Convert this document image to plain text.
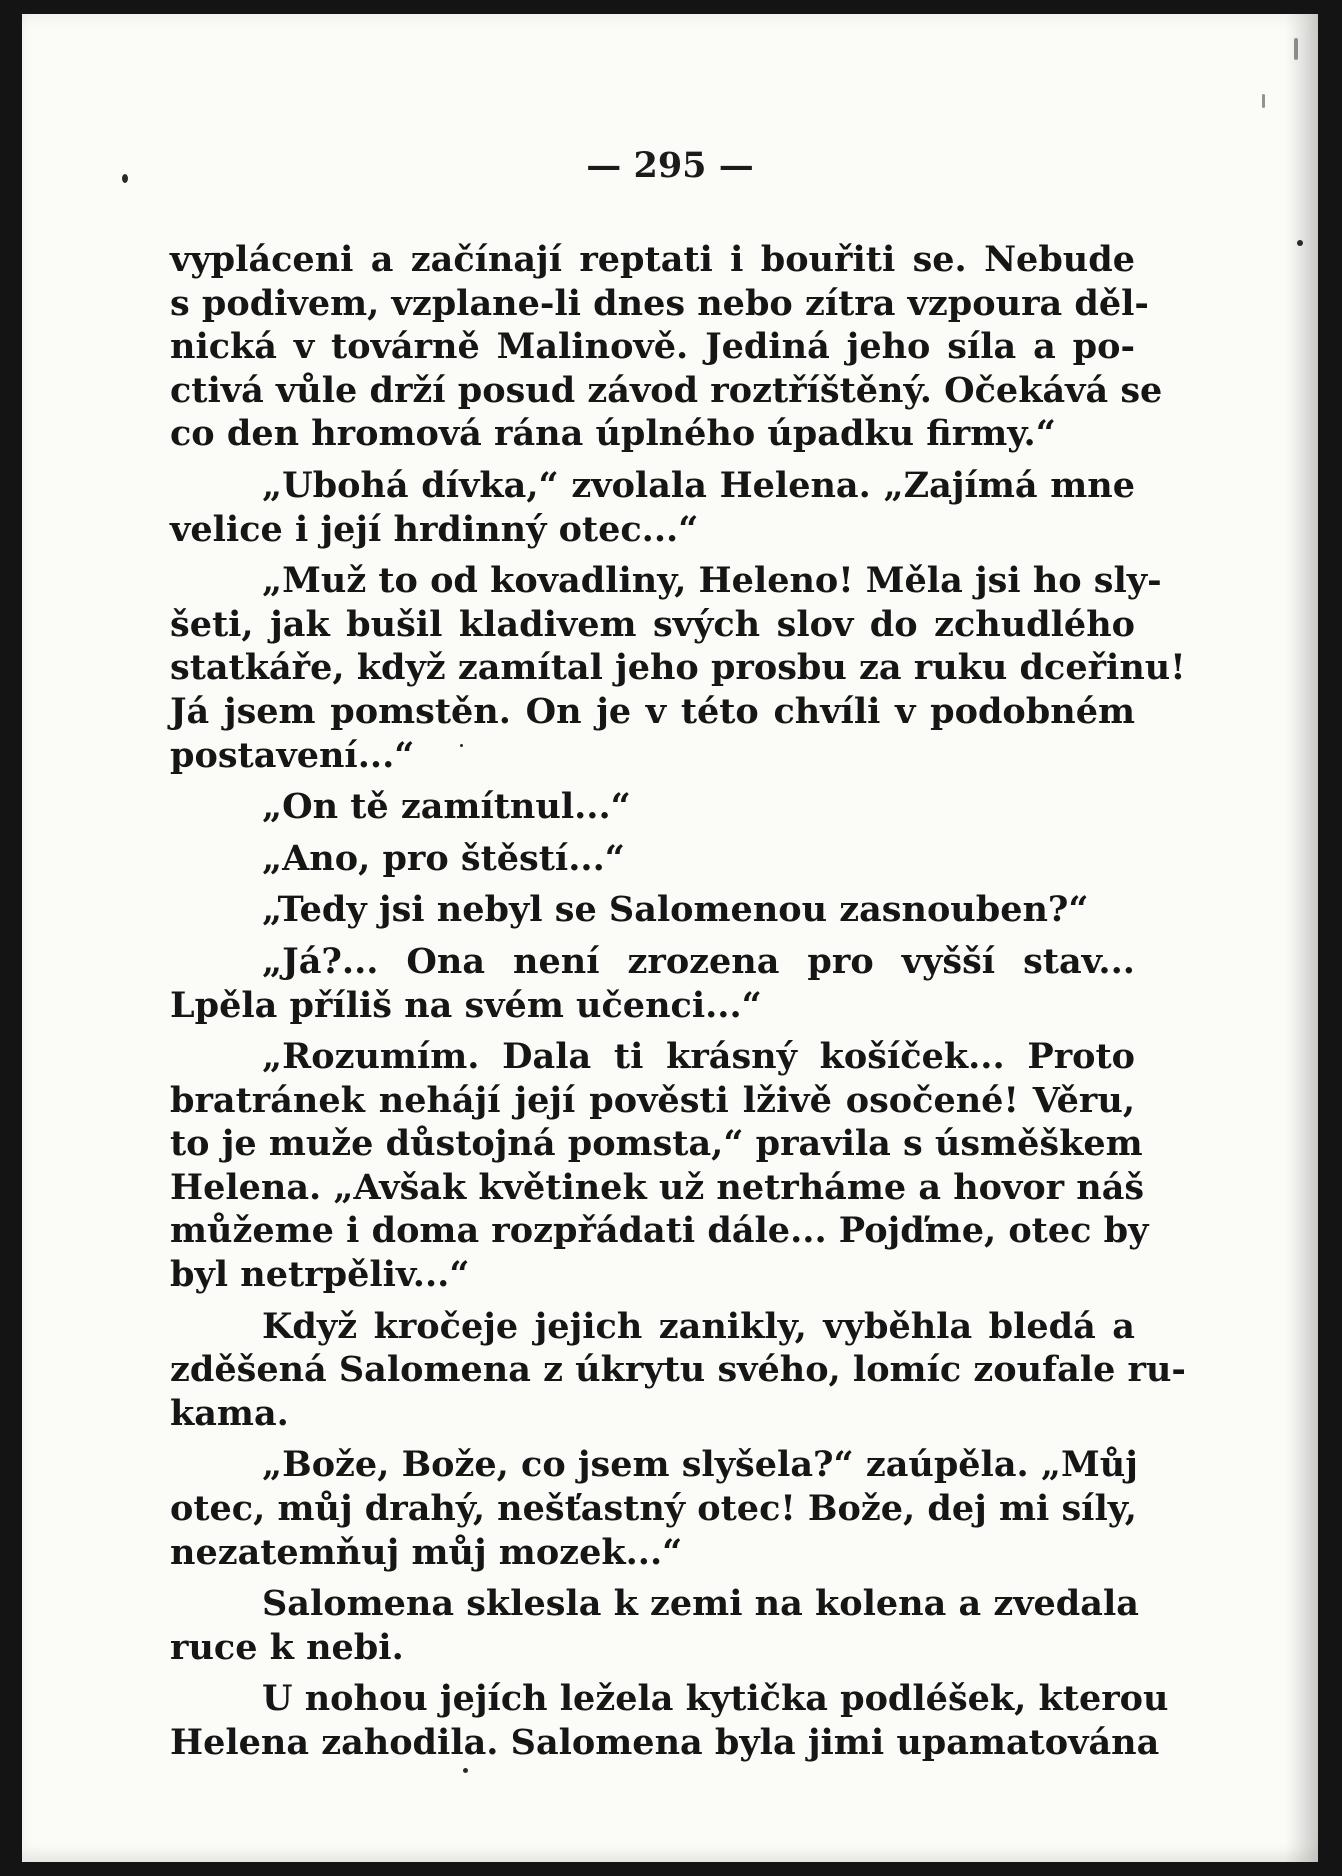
— 295 —
vypláceni a začínají reptati i bouřiti se. Nebude
s podivem, vzplane-li dnes nebo zítra vzpoura děl-
nická v továrně Malinově. Jediná jeho síla a po-
ctivá vůle drží posud závod roztříštěný. Očekává se
co den hromová rána úplného úpadku firmy.“
„Ubohá dívka,“ zvolala Helena. „Zajímá mne
velice i její hrdinný otec...“
„Muž to od kovadliny, Heleno! Měla jsi ho sly-
šeti, jak bušil kladivem svých slov do zchudlého
statkáře, když zamítal jeho prosbu za ruku dceřinu!
Já jsem pomstěn. On je v této chvíli v podobném
postavení...“
„On tě zamítnul...“
„Ano, pro štěstí...“
„Tedy jsi nebyl se Salomenou zasnouben?“
„Já?... Ona není zrozena pro vyšší stav...
Lpěla příliš na svém učenci...“
„Rozumím. Dala ti krásný košíček... Proto
bratránek nehájí její pověsti lživě osočené! Věru,
to je muže důstojná pomsta,“ pravila s úsměškem
Helena. „Avšak květinek už netrháme a hovor náš
můžeme i doma rozpřádati dále... Pojďme, otec by
byl netrpěliv...“
Když kročeje jejich zanikly, vyběhla bledá a
zděšená Salomena z úkrytu svého, lomíc zoufale ru-
kama.
„Bože, Bože, co jsem slyšela?“ zaúpěla. „Můj
otec, můj drahý, nešťastný otec! Bože, dej mi síly,
nezatemňuj můj mozek...“
Salomena sklesla k zemi na kolena a zvedala
ruce k nebi.
U nohou jejích ležela kytička podléšek, kterou
Helena zahodila. Salomena byla jimi upamatována
